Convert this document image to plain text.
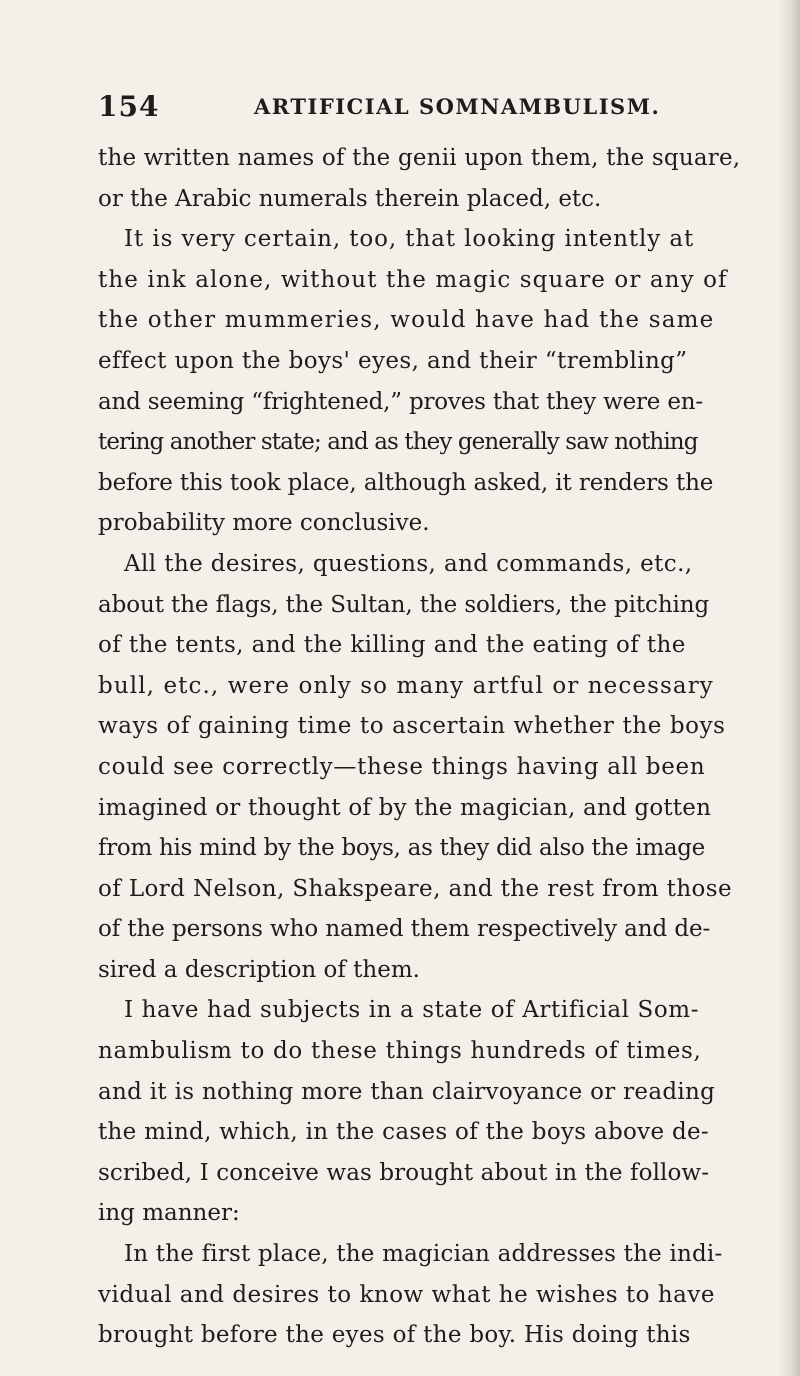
154	ARTIFICIAL SOMNAMBULISM.
the written names of the genii upon them, the square,
or the Arabic numerals therein placed, etc.
It is very certain, too, that looking intently at
the ink alone, without the magic square or any of
the other mummeries, would have had the same
effect upon the boys' eyes, and their “trembling”
and seeming “frightened,” proves that they were en-
tering another state; and as they generally saw nothing
before this took place, although asked, it renders the
probability more conclusive.
All the desires, questions, and commands, etc.,
about the flags, the Sultan, the soldiers, the pitching
of the tents, and the killing and the eating of the
bull, etc., were only so many artful or necessary
ways of gaining time to ascertain whether the boys
could see correctly—these things having all been
imagined or thought of by the magician, and gotten
from his mind by the boys, as they did also the image
of Lord Nelson, Shakspeare, and the rest from those
of the persons who named them respectively and de-
sired a description of them.
I have had subjects in a state of Artificial Som-
nambulism to do these things hundreds of times,
and it is nothing more than clairvoyance or reading
the mind, which, in the cases of the boys above de-
scribed, I conceive was brought about in the follow-
ing manner:
In the first place, the magician addresses the indi-
vidual and desires to know what he wishes to have
brought before the eyes of the boy. His doing this
